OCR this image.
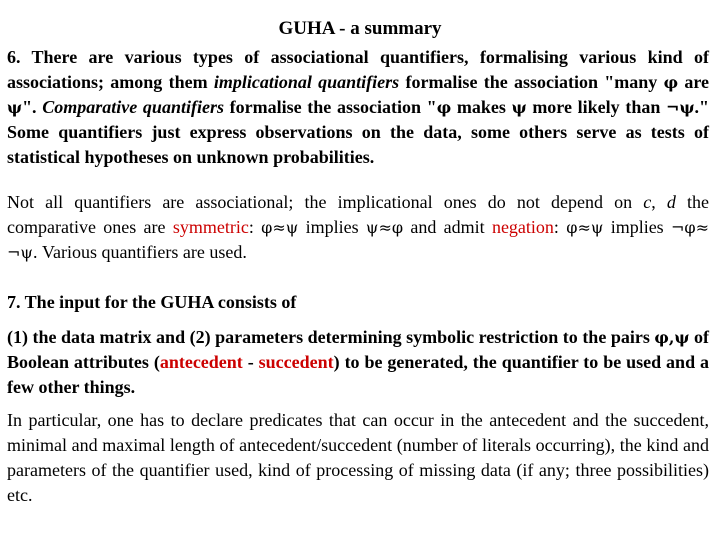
GUHA - a summary

6. There are various types of associational quantifiers, formalising various kind of associations; among them implicational quantifiers formalise the association "many φ are ψ". Comparative quantifiers formalise the association "φ makes ψ more likely than ¬ψ." Some quantifiers just express observations on the data, some others serve as tests of statistical hypotheses on unknown probabilities.

Not all quantifiers are associational; the implicational ones do not depend on c, d the comparative ones are symmetric: φ≈ψ implies ψ≈φ and admit negation: φ≈ψ implies ¬φ≈ ¬ψ. Various quantifiers are used.

7. The input for the GUHA consists of

(1) the data matrix and (2) parameters determining symbolic restriction to the pairs φ,ψ of Boolean attributes (antecedent - succedent) to be generated, the quantifier to be used and a few other things.

In particular, one has to declare predicates that can occur in the antecedent and the succedent, minimal and maximal length of antecedent/succedent (number of literals occurring), the kind and parameters of the quantifier used, kind of processing of missing data (if any; three possibilities) etc.
